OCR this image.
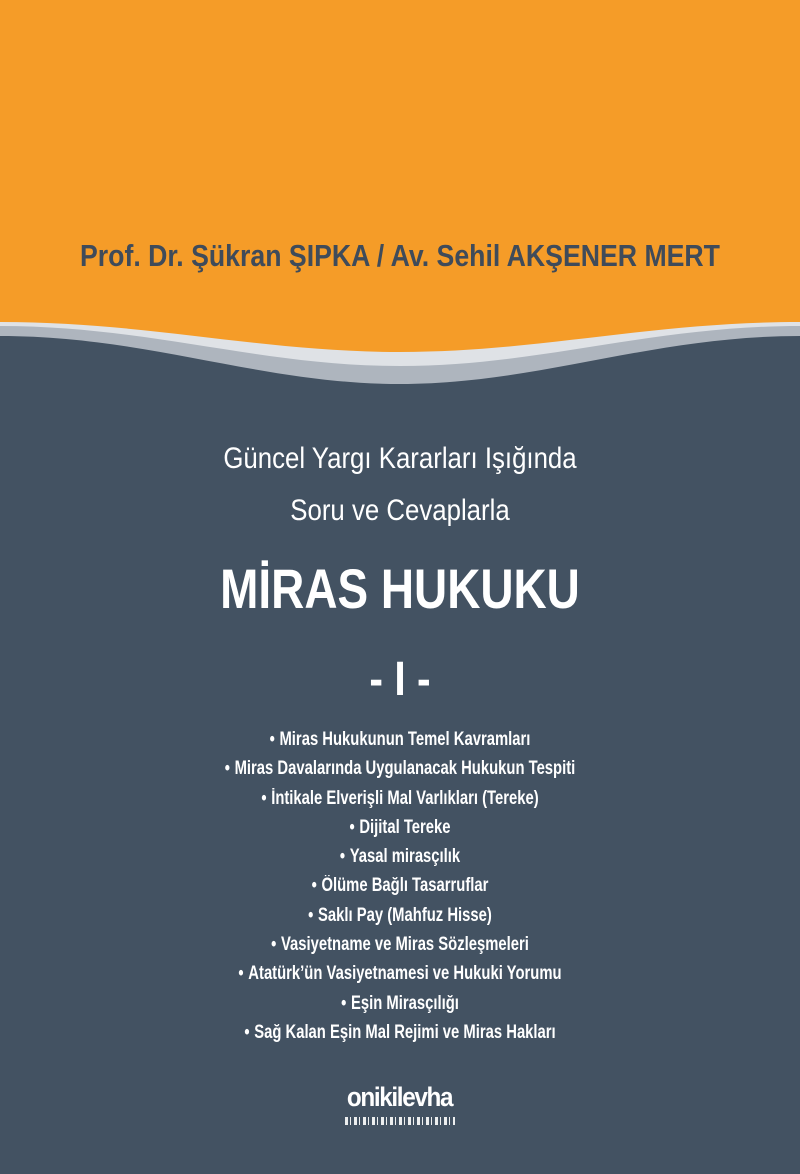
Prof. Dr. Şükran ŞIPKA / Av. Sehil AKŞENER MERT
Güncel Yargı Kararları Işığında
Soru ve Cevaplarla
MİRAS HUKUKU
- I -
• Miras Hukukunun Temel Kavramları
• Miras Davalarında Uygulanacak Hukukun Tespiti
• İntikale Elverişli Mal Varlıkları (Tereke)
• Dijital Tereke
• Yasal mirasçılık
• Ölüme Bağlı Tasarruflar
• Saklı Pay (Mahfuz Hisse)
• Vasiyetname ve Miras Sözleşmeleri
• Atatürk’ün Vasiyetnamesi ve Hukuki Yorumu
• Eşin Mirasçılığı
• Sağ Kalan Eşin Mal Rejimi ve Miras Hakları
onikilevha
